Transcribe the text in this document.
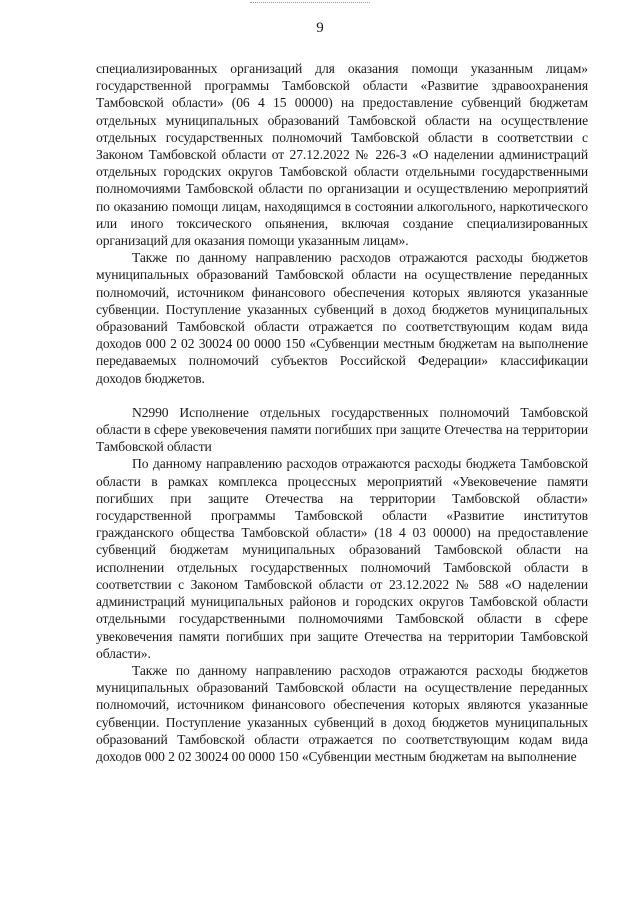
9

специализированных организаций для оказания помощи указанным лицам» государственной программы Тамбовской области «Развитие здравоохранения Тамбовской области» (06 4 15 00000) на предоставление субвенций бюджетам отдельных муниципальных образований Тамбовской области на осуществление отдельных государственных полномочий Тамбовской области в соответствии с Законом Тамбовской области от 27.12.2022 № 226-З «О наделении администраций отдельных городских округов Тамбовской области отдельными государственными полномочиями Тамбовской области по организации и осуществлению мероприятий по оказанию помощи лицам, находящимся в состоянии алкогольного, наркотического или иного токсического опьянения, включая создание специализированных организаций для оказания помощи указанным лицам».

Также по данному направлению расходов отражаются расходы бюджетов муниципальных образований Тамбовской области на осуществление переданных полномочий, источником финансового обеспечения которых являются указанные субвенции. Поступление указанных субвенций в доход бюджетов муниципальных образований Тамбовской области отражается по соответствующим кодам вида доходов 000 2 02 30024 00 0000 150 «Субвенции местным бюджетам на выполнение передаваемых полномочий субъектов Российской Федерации» классификации доходов бюджетов.

N2990 Исполнение отдельных государственных полномочий Тамбовской области в сфере увековечения памяти погибших при защите Отечества на территории Тамбовской области

По данному направлению расходов отражаются расходы бюджета Тамбовской области в рамках комплекса процессных мероприятий «Увековечение памяти погибших при защите Отечества на территории Тамбовской области» государственной программы Тамбовской области «Развитие институтов гражданского общества Тамбовской области» (18 4 03 00000) на предоставление субвенций бюджетам муниципальных образований Тамбовской области на исполнении отдельных государственных полномочий Тамбовской области в соответствии с Законом Тамбовской области от 23.12.2022 № 588 «О наделении администраций муниципальных районов и городских округов Тамбовской области отдельными государственными полномочиями Тамбовской области в сфере увековечения памяти погибших при защите Отечества на территории Тамбовской области».

Также по данному направлению расходов отражаются расходы бюджетов муниципальных образований Тамбовской области на осуществление переданных полномочий, источником финансового обеспечения которых являются указанные субвенции. Поступление указанных субвенций в доход бюджетов муниципальных образований Тамбовской области отражается по соответствующим кодам вида доходов 000 2 02 30024 00 0000 150 «Субвенции местным бюджетам на выполнение
